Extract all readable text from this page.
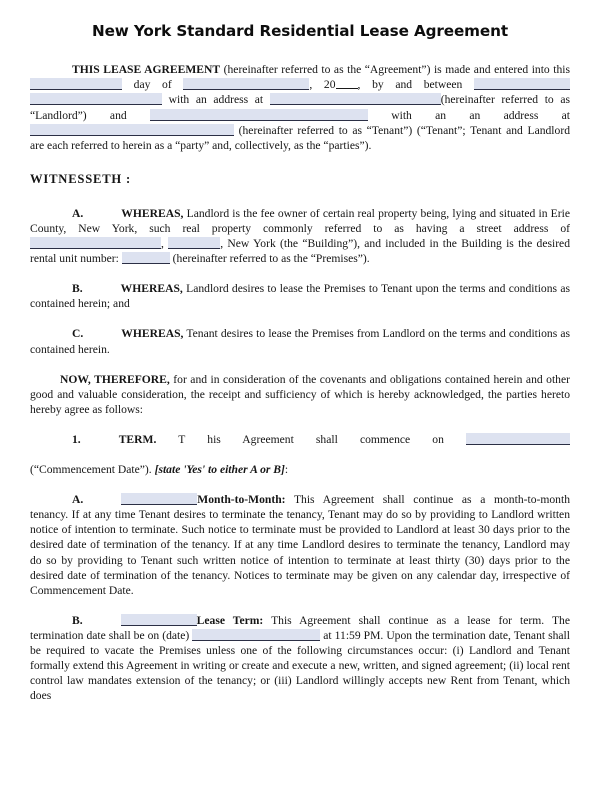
New York Standard Residential Lease Agreement

THIS LEASE AGREEMENT (hereinafter referred to as the “Agreement”) is made and entered into this  day of	, 20 , by and between  with an address at	(hereinafter referred to as “Landlord”) and	with an an address at  (hereinafter referred to as “Tenant”) (“Tenant”; Tenant and Landlord are each referred to herein as a “party” and, collectively, as the “parties”).

WITNESSETH :

A.	WHEREAS, Landlord is the fee owner of certain real property being, lying and situated in Erie County, New York, such real property commonly referred to as having a street address of ,	, New York (the “Building”), and included in the Building is the desired rental unit number:	(hereinafter referred to as the “Premises”).

B.	WHEREAS, Landlord desires to lease the Premises to Tenant upon the terms and conditions as contained herein; and

C.	WHEREAS, Tenant desires to lease the Premises from Landlord on the terms and conditions as contained herein.

NOW, THEREFORE, for and in consideration of the covenants and obligations contained herein and other good and valuable consideration, the receipt and sufficiency of which is hereby acknowledged, the parties hereto hereby agree as follows:

1.	TERM. T his Agreement shall commence on

(“Commencement Date”). [state 'Yes' to either A or B]:

A.	Month-to-Month: This Agreement shall continue as a month-to-month tenancy. If at any time Tenant desires to terminate the tenancy, Tenant may do so by providing to Landlord written notice of intention to terminate. Such notice to terminate must be provided to Landlord at least 30 days prior to the desired date of termination of the tenancy. If at any time Landlord desires to terminate the tenancy, Landlord may do so by providing to Tenant such written notice of intention to terminate at least thirty (30) days prior to the desired date of termination of the tenancy. Notices to terminate may be given on any calendar day, irrespective of Commencement Date.

B.	Lease Term: This Agreement shall continue as a lease for term. The termination date shall be on (date)	at 11:59 PM. Upon the termination date, Tenant shall be required to vacate the Premises unless one of the following circumstances occur: (i) Landlord and Tenant formally extend this Agreement in writing or create and execute a new, written, and signed agreement; (ii) local rent control law mandates extension of the tenancy; or (iii) Landlord willingly accepts new Rent from Tenant, which does
